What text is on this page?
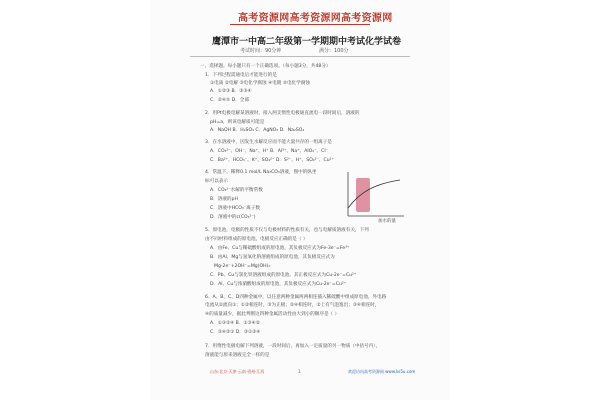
高考资源网高考资源网高考资源网
鹰潭市一中高二年级第一学期期中考试化学试卷
考试时间：90分钟	满分：100分
一、选择题。每小题只有一个正确选项。（每小题3分，共48分）
1．下列过程需通电后才能进行的是
①电离 ②电解 ③电化学腐蚀 ④电镀 ⑤电化学腐蚀
A．①②③ B．②③④
C．②④⑤ D．全部
2．用Pt电极电解某溶液时，接入两支惰性电极通直流电一段时间后，溶液的
pH=a，则该电解质可能是
A．NaOH B．H₂SO₄ C．AgNO₃ D．Na₂SO₄
3．在水溶液中，因发生水解反应而不能大量共存的一组离子是
A．CO₃²⁻、OH⁻、Na⁺、H⁺ B．Al³⁺、Na⁺、AlO₂⁻、Cl⁻
C．Ba²⁺、HCO₃⁻、K⁺、SO₄²⁻ D．S²⁻、H⁺、SO₄²⁻、Cu²⁺
4．常温下，稀释0.1 mol/L Na₂CO₃溶液，图中的纵坐
标可以表示
A．CO₃²⁻水解的平衡常数
B．溶液的pH
C．溶液中HCO₃⁻离子数
D．溶液中的c(CO₃²⁻)
5．原电池，电极的性质不仅与电极材料的性质有关，也与电解质溶液有关，下列
由不同材料组成的原电池，电极反应正确的是（ ）
A．由Fe、Cu与稀硫酸组成的原电池，其负极反应式为Fe-3e⁻=Fe³⁺
B．由Al、Mg与氢氧化钠溶液组成的原电池，其负极反应式为
Mg-2e⁻+2OH⁻=Mg(OH)₂
C．Pb、Cu与氯化铁溶液组成的原电池，其正极反应式为Cu-2e⁻=Cu²⁺
D．Al、Cu与浓硝酸组成的原电池，其负极反应式为Cu-2e⁻=Cu²⁺
6．A、B、C、D四种金属中，以任意两种金属两两相连插入稀硫酸中组成原电池，外电路
电流从②流向①；①②相连时，③为正极；②④相连时，②上有气泡逸出；③④相连时，
④的质量减少，据此判断这四种金属活动性由大到小的顺序是（ ）
A．①③②④ B．①③④②
C．③④②① D．③①②④
7．用惰性电极电解下列溶液，一段时间后，再加入一定质量的另一物质（中括号内），
溶液能与原来溶液完全一样的是
加水的量
山东·北京·天津·云南·贵州·江西	1	欢迎访问高考资源网 www.ks5u.com
